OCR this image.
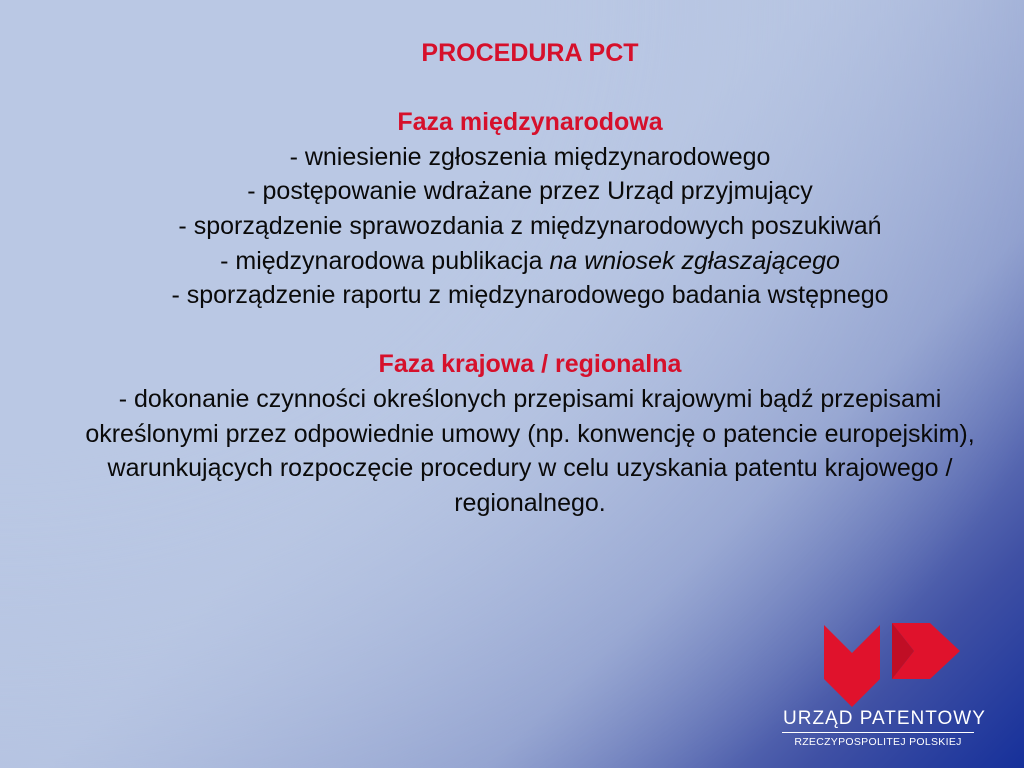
PROCEDURA PCT

Faza międzynarodowa

- wniesienie zgłoszenia międzynarodowego

- postępowanie wdrażane przez Urząd przyjmujący

- sporządzenie sprawozdania z międzynarodowych poszukiwań

- międzynarodowa publikacja na wniosek zgłaszającego

- sporządzenie raportu z międzynarodowego badania wstępnego

Faza krajowa / regionalna

- dokonanie czynności określonych przepisami krajowymi bądź przepisami określonymi przez odpowiednie umowy (np. konwencję o patencie europejskim), warunkujących rozpoczęcie procedury w celu uzyskania patentu krajowego / regionalnego.

URZĄD PATENTOWY
RZECZYPOSPOLITEJ POLSKIEJ
